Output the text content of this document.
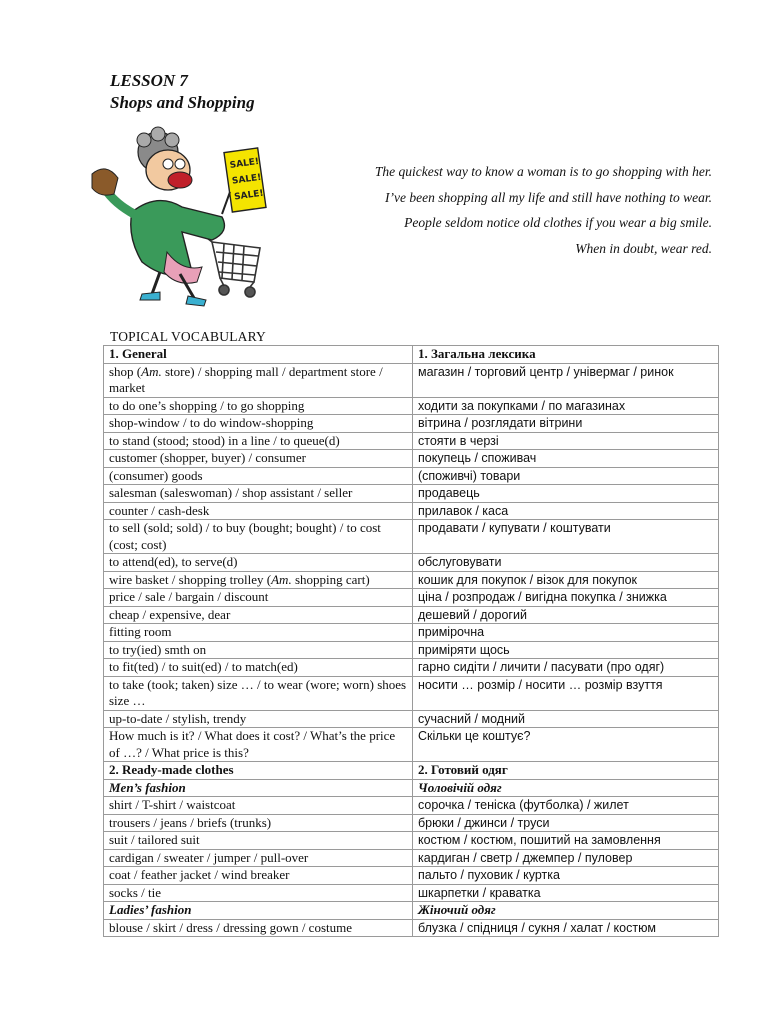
LESSON 7
Shops and Shopping
SALE!
SALE!
SALE!
The quickest way to know a woman is to go shopping with her.
I’ve been shopping all my life and still have nothing to wear.
People seldom notice old clothes if you wear a big smile.
When in doubt, wear red.
TOPICAL VOCABULARY
1. General	1. Загальна лексика
shop (Am. store) / shopping mall / department store / market	магазин / торговий центр / універмаг / ринок
to do one’s shopping / to go shopping	ходити за покупками / по магазинах
shop-window / to do window-shopping	вітрина / розглядати вітрини
to stand (stood; stood) in a line / to queue(d)	стояти в черзі
customer (shopper, buyer) / consumer	покупець / споживач
(consumer) goods	(споживчі) товари
salesman (saleswoman) / shop assistant / seller	продавець
counter / cash-desk	прилавок / каса
to sell (sold; sold) / to buy (bought; bought) / to cost (cost; cost)	продавати / купувати / коштувати
to attend(ed), to serve(d)	обслуговувати
wire basket / shopping trolley (Am. shopping cart)	кошик для покупок / візок для покупок
price / sale / bargain / discount	ціна / розпродаж / вигідна покупка / знижка
cheap / expensive, dear	дешевий / дорогий
fitting room	примірочна
to try(ied) smth on	приміряти щось
to fit(ted) / to suit(ed) / to match(ed)	гарно сидіти / личити / пасувати (про одяг)
to take (took; taken) size … / to wear (wore; worn) shoes size …	носити … розмір / носити … розмір взуття
up-to-date / stylish, trendy	сучасний / модний
How much is it? / What does it cost? / What’s the price of …? / What price is this?	Скільки це коштує?
2. Ready-made clothes	2. Готовий одяг
Men’s fashion	Чоловічій одяг
shirt / T-shirt / waistcoat	сорочка / теніска (футболка) / жилет
trousers / jeans / briefs (trunks)	брюки / джинси / труси
suit / tailored suit	костюм / костюм, пошитий на замовлення
cardigan / sweater / jumper / pull-over	кардиган / светр / джемпер / пуловер
coat / feather jacket / wind breaker	пальто / пуховик / куртка
socks / tie	шкарпетки / краватка
Ladies’ fashion	Жіночий одяг
blouse / skirt / dress / dressing gown / costume	блузка / спідниця / сукня / халат / костюм
